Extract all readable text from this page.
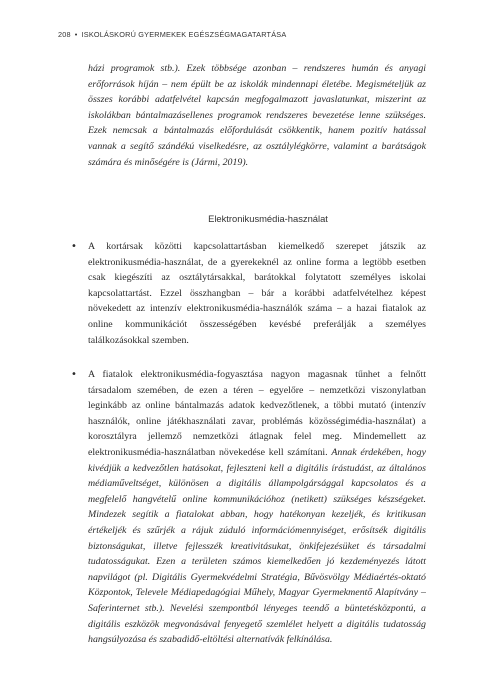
208 • ISKOLÁSKORÚ GYERMEKEK EGÉSZSÉGMAGATARTÁSA

házi programok stb.). Ezek többsége azonban – rendszeres humán és anyagi erőforrások híján – nem épült be az iskolák mindennapi életébe. Megismételjük az összes korábbi adatfelvétel kapcsán megfogalmazott javaslatunkat, miszerint az iskolákban bántalmazásellenes programok rendszeres bevezetése lenne szükséges. Ezek nemcsak a bántalmazás előfordulását csökkentik, hanem pozitív hatással vannak a segítő szándékú viselkedésre, az osztálylégkörre, valamint a barátságok számára és minőségére is (Jármi, 2019).

Elektronikusmédia-használat
• A kortársak közötti kapcsolattartásban kiemelkedő szerepet játszik az elektronikusmédia-használat, de a gyerekeknél az online forma a legtöbb esetben csak kiegészíti az osztálytársakkal, barátokkal folytatott személyes iskolai kapcsolattartást. Ezzel összhangban – bár a korábbi adatfelvételhez képest növekedett az intenzív elektronikusmédia-használók száma – a hazai fiatalok az online kommunikációt összességében kevésbé preferálják a személyes találkozásokkal szemben.
• A fiatalok elektronikusmédia-fogyasztása nagyon magasnak tűnhet a felnőtt társadalom szemében, de ezen a téren – egyelőre – nemzetközi viszonylatban leginkább az online bántalmazás adatok kedvezőtlenek, a többi mutató (intenzív használók, online játékhasználati zavar, problémás közösségimédia-használat) a korosztályra jellemző nemzetközi átlagnak felel meg. Mindemellett az elektronikusmédia-használatban növekedése kell számítani. Annak érdekében, hogy kivédjük a kedvezőtlen hatásokat, fejleszteni kell a digitális írástudást, az általános médiaműveltséget, különösen a digitális állampolgársággal kapcsolatos és a megfelelő hangvételű online kommunikációhoz (netikett) szükséges készségeket. Mindezek segítik a fiatalokat abban, hogy hatékonyan kezeljék, és kritikusan értékeljék és szűrjék a rájuk zúduló információmennyiséget, erősítsék digitális biztonságukat, illetve fejlesszék kreativitásukat, önkifejezésüket és társadalmi tudatosságukat. Ezen a területen számos kiemelkedően jó kezdeményezés látott napvilágot (pl. Digitális Gyermekvédelmi Stratégia, Bűvösvölgy Médiaértés-oktató Központok, Televele Médiapedagógiai Műhely, Magyar Gyermekmentő Alapítvány – Saferinternet stb.). Nevelési szempontból lényeges teendő a büntetésközpontú, a digitális eszközök megvonásával fenyegető szemlélet helyett a digitális tudatosság hangsúlyozása és szabadidő-eltöltési alternatívák felkínálása.
